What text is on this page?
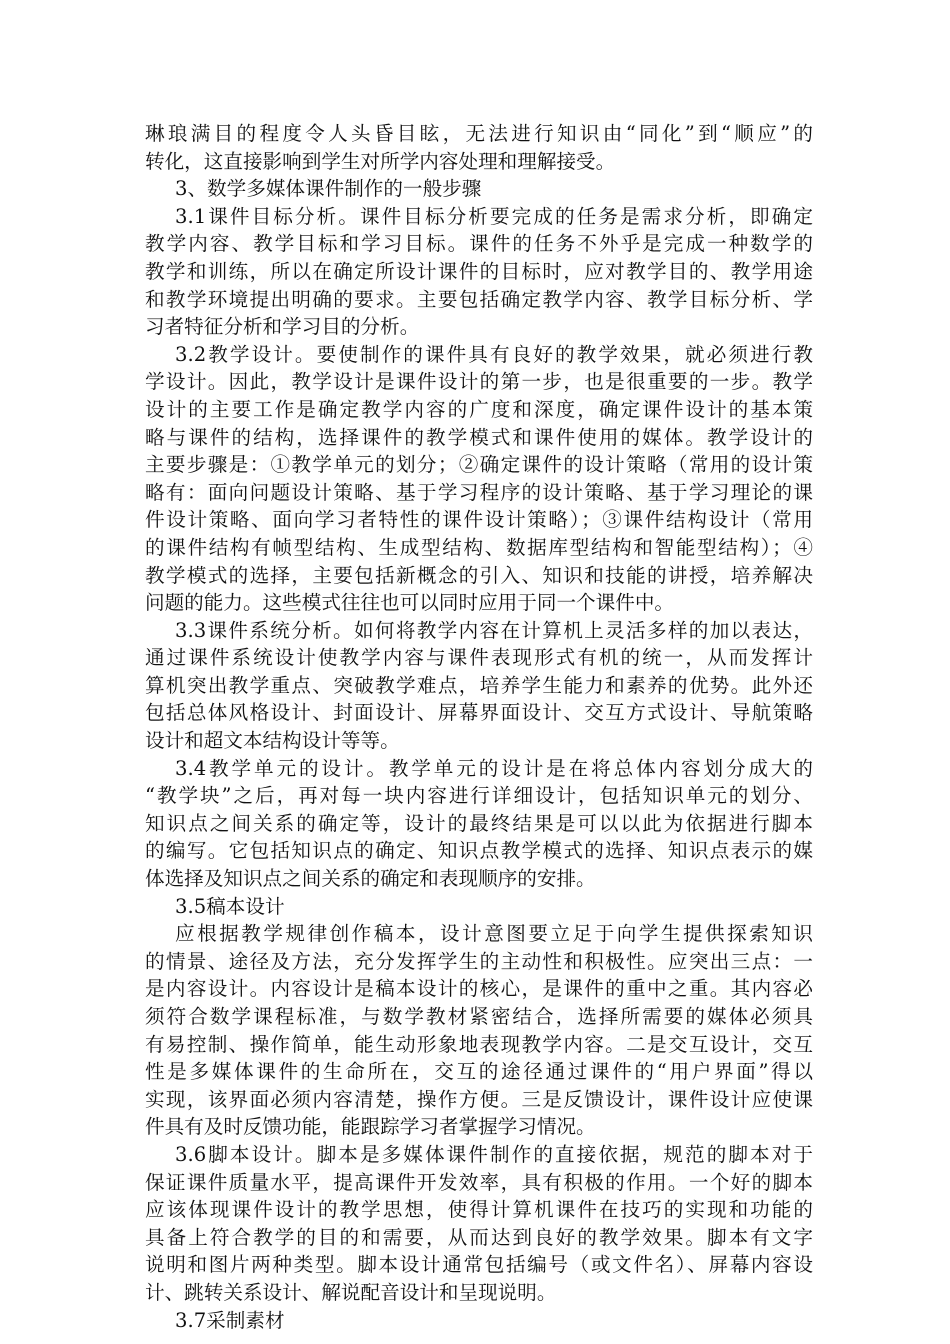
琳琅满目的程度令人头昏目眩，无法进行知识由“同化”到“顺应”的
转化，这直接影响到学生对所学内容处理和理解接受。
3、数学多媒体课件制作的一般步骤
3.1课件目标分析。课件目标分析要完成的任务是需求分析，即确定
教学内容、教学目标和学习目标。课件的任务不外乎是完成一种数学的
教学和训练，所以在确定所设计课件的目标时，应对教学目的、教学用途
和教学环境提出明确的要求。主要包括确定教学内容、教学目标分析、学
习者特征分析和学习目的分析。
3.2教学设计。要使制作的课件具有良好的教学效果，就必须进行教
学设计。因此，教学设计是课件设计的第一步，也是很重要的一步。教学
设计的主要工作是确定教学内容的广度和深度，确定课件设计的基本策
略与课件的结构，选择课件的教学模式和课件使用的媒体。教学设计的
主要步骤是：①教学单元的划分；②确定课件的设计策略（常用的设计策
略有：面向问题设计策略、基于学习程序的设计策略、基于学习理论的课
件设计策略、面向学习者特性的课件设计策略）；③课件结构设计（常用
的课件结构有帧型结构、生成型结构、数据库型结构和智能型结构）；④
教学模式的选择，主要包括新概念的引入、知识和技能的讲授，培养解决
问题的能力。这些模式往往也可以同时应用于同一个课件中。
3.3课件系统分析。如何将教学内容在计算机上灵活多样的加以表达，
通过课件系统设计使教学内容与课件表现形式有机的统一，从而发挥计
算机突出教学重点、突破教学难点，培养学生能力和素养的优势。此外还
包括总体风格设计、封面设计、屏幕界面设计、交互方式设计、导航策略
设计和超文本结构设计等等。
3.4教学单元的设计。教学单元的设计是在将总体内容划分成大的
“教学块”之后，再对每一块内容进行详细设计，包括知识单元的划分、
知识点之间关系的确定等，设计的最终结果是可以以此为依据进行脚本
的编写。它包括知识点的确定、知识点教学模式的选择、知识点表示的媒
体选择及知识点之间关系的确定和表现顺序的安排。
3.5稿本设计
应根据教学规律创作稿本，设计意图要立足于向学生提供探索知识
的情景、途径及方法，充分发挥学生的主动性和积极性。应突出三点：一
是内容设计。内容设计是稿本设计的核心，是课件的重中之重。其内容必
须符合数学课程标准，与数学教材紧密结合，选择所需要的媒体必须具
有易控制、操作简单，能生动形象地表现教学内容。二是交互设计，交互
性是多媒体课件的生命所在，交互的途径通过课件的“用户界面”得以
实现，该界面必须内容清楚，操作方便。三是反馈设计，课件设计应使课
件具有及时反馈功能，能跟踪学习者掌握学习情况。
3.6脚本设计。脚本是多媒体课件制作的直接依据，规范的脚本对于
保证课件质量水平，提高课件开发效率，具有积极的作用。一个好的脚本
应该体现课件设计的教学思想，使得计算机课件在技巧的实现和功能的
具备上符合教学的目的和需要，从而达到良好的教学效果。脚本有文字
说明和图片两种类型。脚本设计通常包括编号（或文件名）、屏幕内容设
计、跳转关系设计、解说配音设计和呈现说明。
3.7采制素材
